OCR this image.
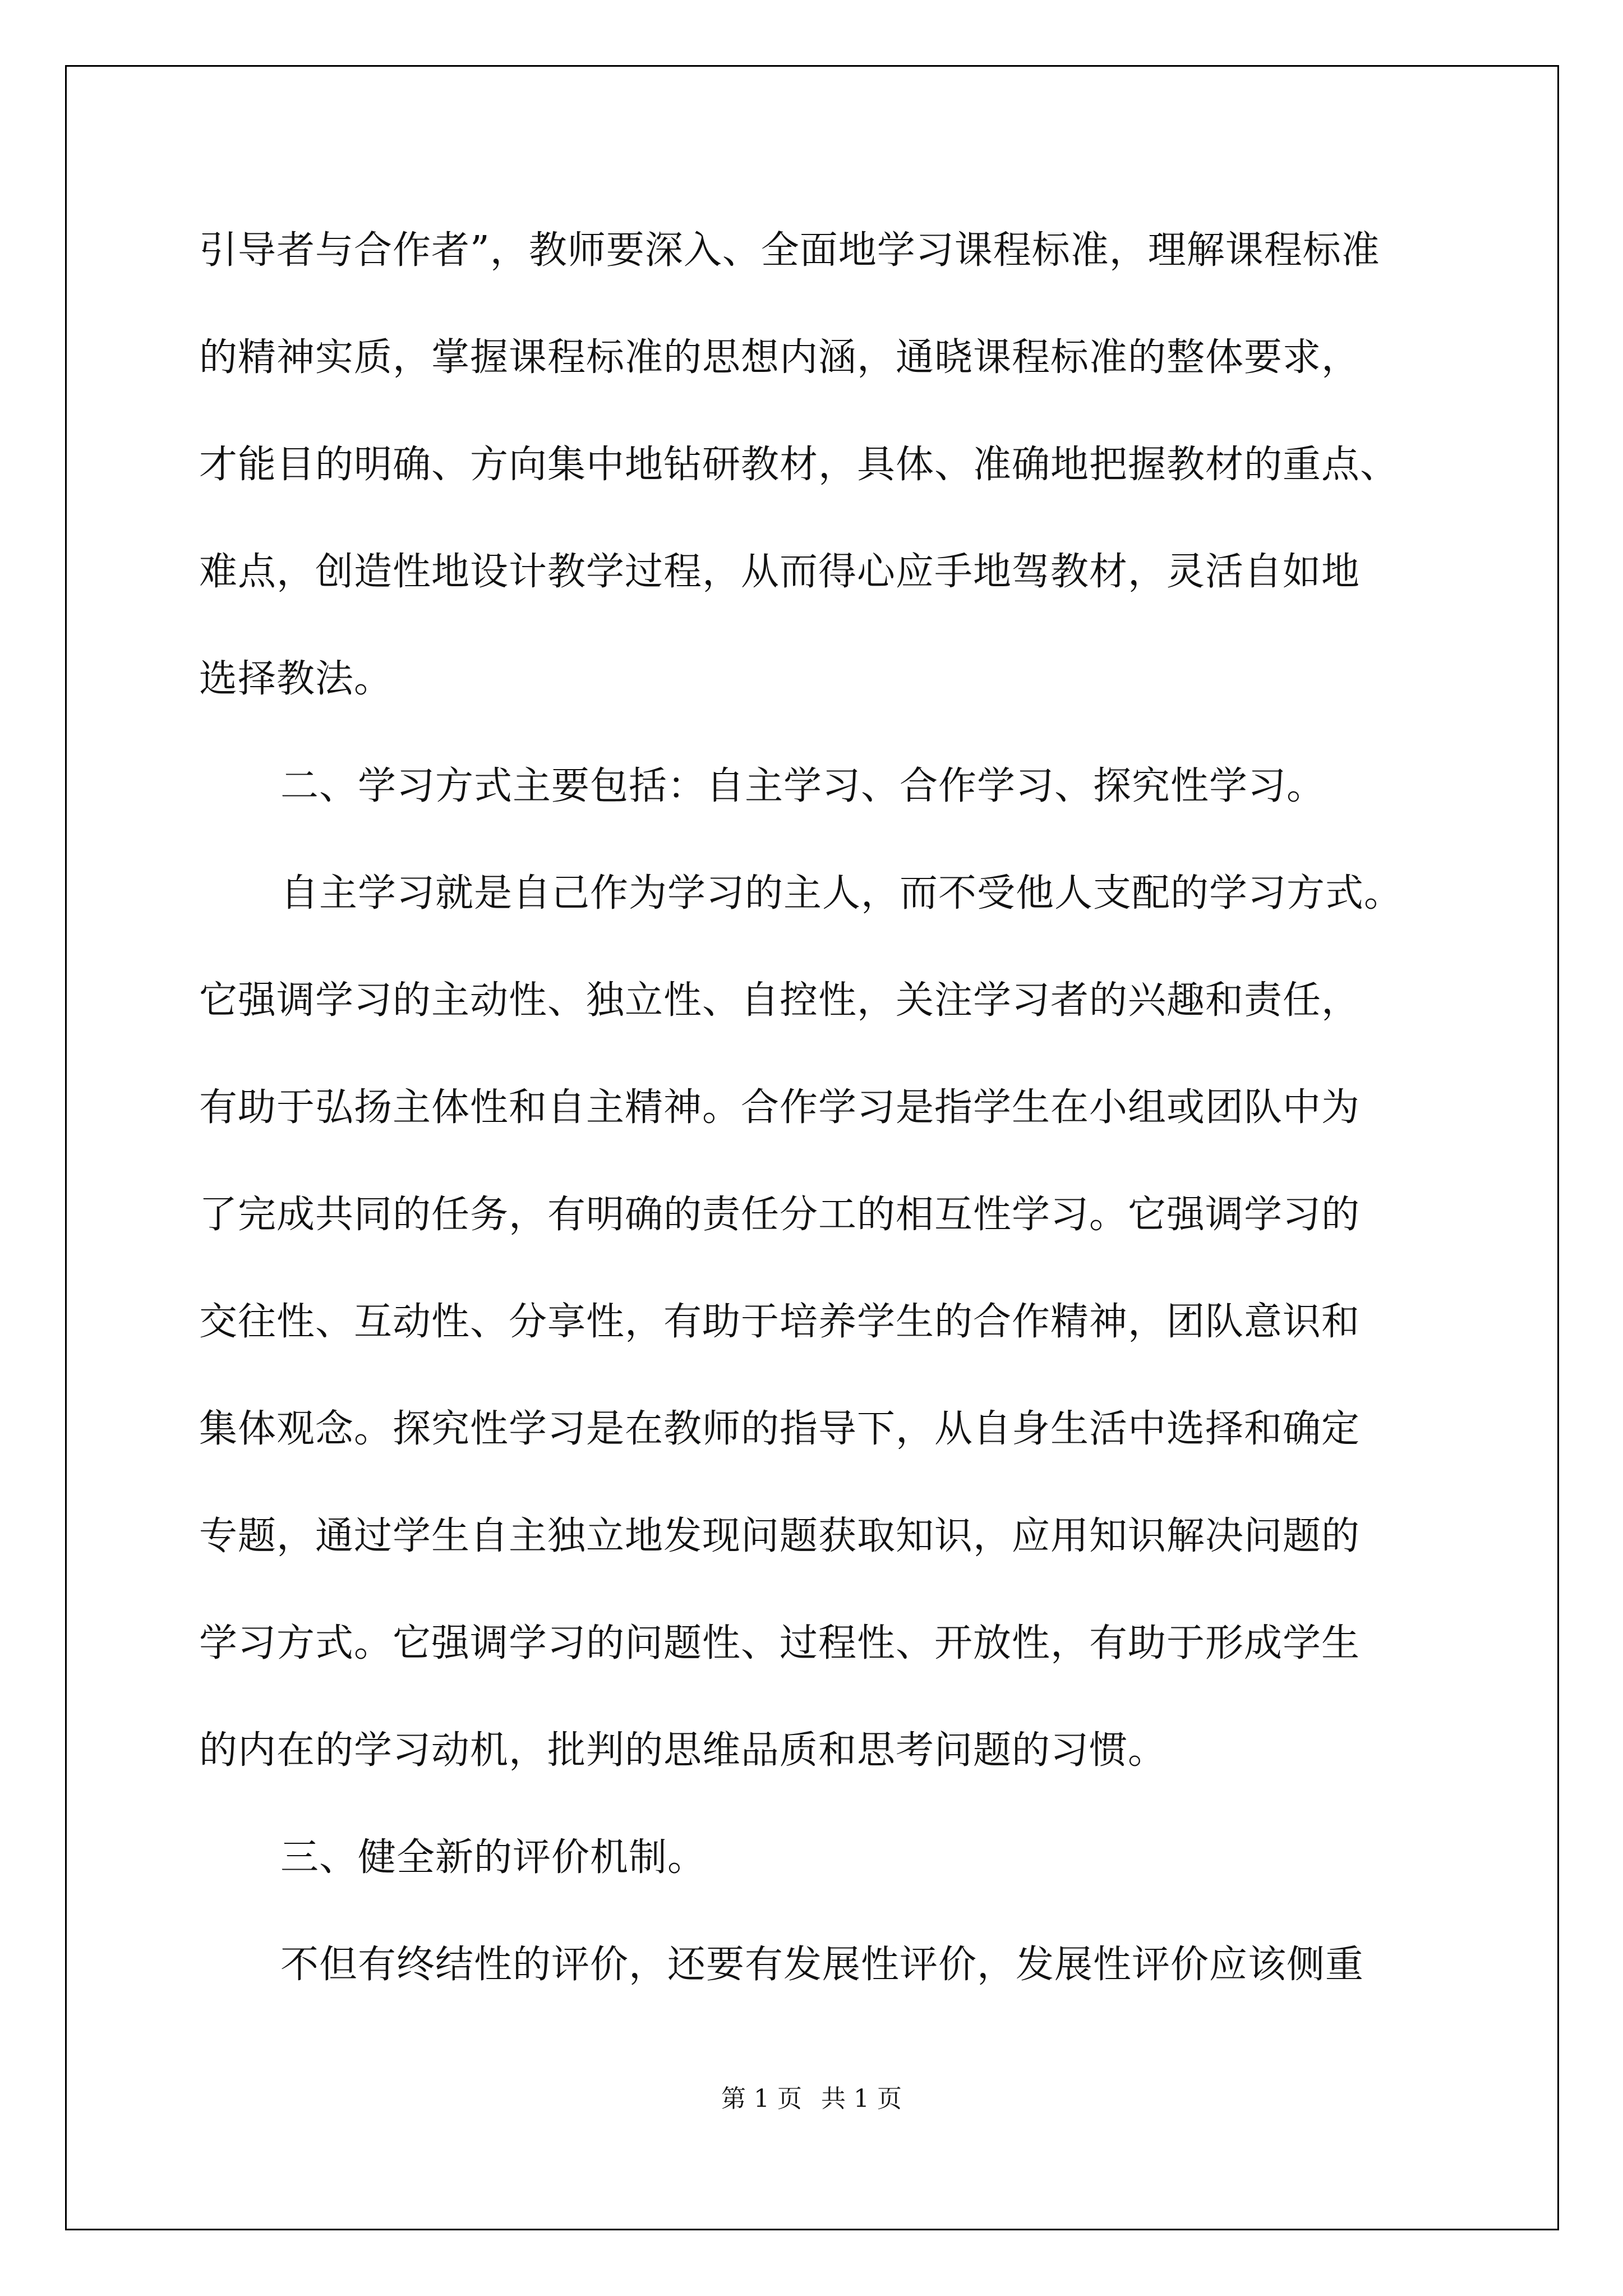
引导者与合作者”，教师要深入、全面地学习课程标准，理解课程标准
的精神实质，掌握课程标准的思想内涵，通晓课程标准的整体要求，
才能目的明确、方向集中地钻研教材，具体、准确地把握教材的重点、
难点，创造性地设计教学过程，从而得心应手地驾教材，灵活自如地
选择教法。
二、学习方式主要包括：自主学习、合作学习、探究性学习。
自主学习就是自己作为学习的主人，而不受他人支配的学习方式。
它强调学习的主动性、独立性、自控性，关注学习者的兴趣和责任，
有助于弘扬主体性和自主精神。合作学习是指学生在小组或团队中为
了完成共同的任务，有明确的责任分工的相互性学习。它强调学习的
交往性、互动性、分享性，有助于培养学生的合作精神，团队意识和
集体观念。探究性学习是在教师的指导下，从自身生活中选择和确定
专题，通过学生自主独立地发现问题获取知识，应用知识解决问题的
学习方式。它强调学习的问题性、过程性、开放性，有助于形成学生
的内在的学习动机，批判的思维品质和思考问题的习惯。
三、健全新的评价机制。
不但有终结性的评价，还要有发展性评价，发展性评价应该侧重
第 1 页 共 1 页
